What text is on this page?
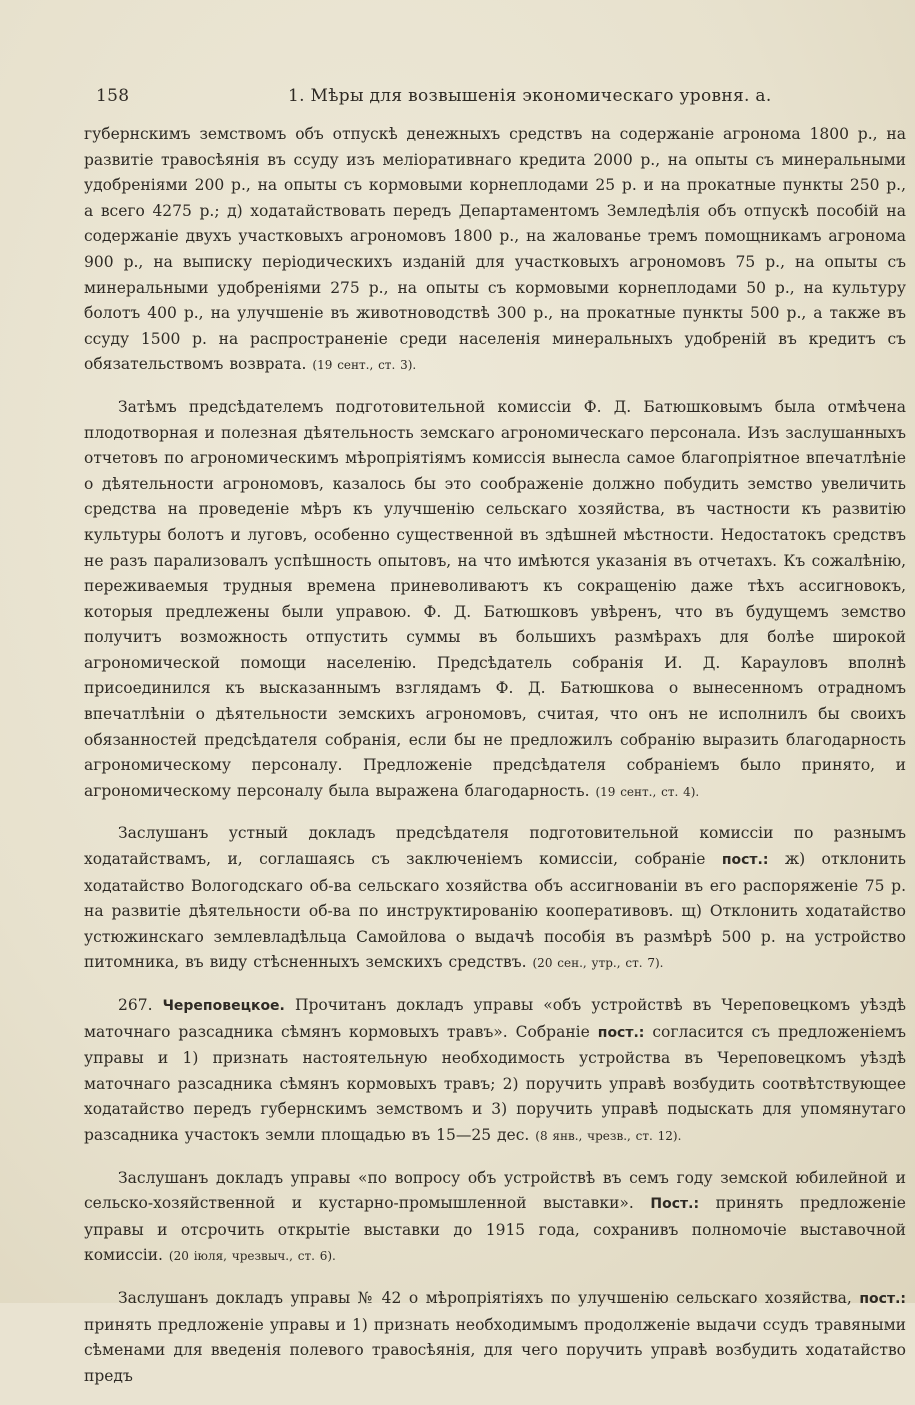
158	1. Мѣры для возвышенія экономическаго уровня. а.

губернскимъ земствомъ объ отпускѣ денежныхъ средствъ на содержаніе агронома 1800 р., на развитіе травосѣянія въ ссуду изъ меліоративнаго кредита 2000 р., на опыты съ минеральными удобреніями 200 р., на опыты съ кормовыми корнеплодами 25 р. и на прокатные пункты 250 р., а всего 4275 р.; д) ходатайствовать передъ Департаментомъ Земледѣлія объ отпускѣ пособій на содержаніе двухъ участковыхъ агрономовъ 1800 р., на жалованье тремъ помощникамъ агронома 900 р., на выписку періодическихъ изданій для участковыхъ агрономовъ 75 р., на опыты съ минеральными удобреніями 275 р., на опыты съ кормовыми корнеплодами 50 р., на культуру болотъ 400 р., на улучшеніе въ животноводствѣ 300 р., на прокатные пункты 500 р., а также въ ссуду 1500 р. на распространеніе среди населенія минеральныхъ удобреній въ кредитъ съ обязательствомъ возврата. (19 сент., ст. 3).

Затѣмъ предсѣдателемъ подготовительной комиссіи Ф. Д. Батюшковымъ была отмѣчена плодотворная и полезная дѣятельность земскаго агрономическаго персонала. Изъ заслушанныхъ отчетовъ по агрономическимъ мѣропріятіямъ комиссія вынесла самое благопріятное впечатлѣніе о дѣятельности агрономовъ, казалось бы это соображеніе должно побудить земство увеличить средства на проведеніе мѣръ къ улучшенію сельскаго хозяйства, въ частности къ развитію культуры болотъ и луговъ, особенно существенной въ здѣшней мѣстности. Недостатокъ средствъ не разъ парализовалъ успѣшность опытовъ, на что имѣются указанія въ отчетахъ. Къ сожалѣнію, переживаемыя трудныя времена приневоливаютъ къ сокращенію даже тѣхъ ассигновокъ, которыя предлежены были управою. Ф. Д. Батюшковъ увѣренъ, что въ будущемъ земство получитъ возможность отпустить суммы въ большихъ размѣрахъ для болѣе широкой агрономической помощи населенію. Предсѣдатель собранія И. Д. Карауловъ вполнѣ присоединился къ высказаннымъ взглядамъ Ф. Д. Батюшкова о вынесенномъ отрадномъ впечатлѣніи о дѣятельности земскихъ агрономовъ, считая, что онъ не исполнилъ бы своихъ обязанностей предсѣдателя собранія, если бы не предложилъ собранію выразить благодарность агрономическому персоналу. Предложеніе предсѣдателя собраніемъ было принято, и агрономическому персоналу была выражена благодарность. (19 сент., ст. 4).

Заслушанъ устный докладъ предсѣдателя подготовительной комиссіи по разнымъ ходатайствамъ, и, соглашаясь съ заключеніемъ комиссіи, собраніе пост.: ж) отклонить ходатайство Вологодскаго об-ва сельскаго хозяйства объ ассигнованіи въ его распоряженіе 75 р. на развитіе дѣятельности об-ва по инструктированію кооперативовъ. щ) Отклонить ходатайство устюжинскаго землевладѣльца Самойлова о выдачѣ пособія въ размѣрѣ 500 р. на устройство питомника, въ виду стѣсненныхъ земскихъ средствъ. (20 сен., утр., ст. 7).

267. Череповецкое. Прочитанъ докладъ управы «объ устройствѣ въ Череповецкомъ уѣздѣ маточнаго разсадника сѣмянъ кормовыхъ травъ». Собраніе пост.: согласится съ предложеніемъ управы и 1) признать настоятельную необходимость устройства въ Череповецкомъ уѣздѣ маточнаго разсадника сѣмянъ кормовыхъ травъ; 2) поручить управѣ возбудить соотвѣтствующее ходатайство передъ губернскимъ земствомъ и 3) поручить управѣ подыскать для упомянутаго разсадника участокъ земли площадью въ 15—25 дес. (8 янв., чрезв., ст. 12).

Заслушанъ докладъ управы «по вопросу объ устройствѣ въ семъ году земской юбилейной и сельско-хозяйственной и кустарно-промышленной выставки». Пост.: принять предложеніе управы и отсрочить открытіе выставки до 1915 года, сохранивъ полномочіе выставочной комиссіи. (20 іюля, чрезвыч., ст. 6).

Заслушанъ докладъ управы № 42 о мѣропріятіяхъ по улучшенію сельскаго хозяйства, пост.: принять предложеніе управы и 1) признать необходимымъ продолженіе выдачи ссудъ травяными сѣменами для введенія полевого травосѣянія, для чего поручить управѣ возбудить ходатайство предъ
